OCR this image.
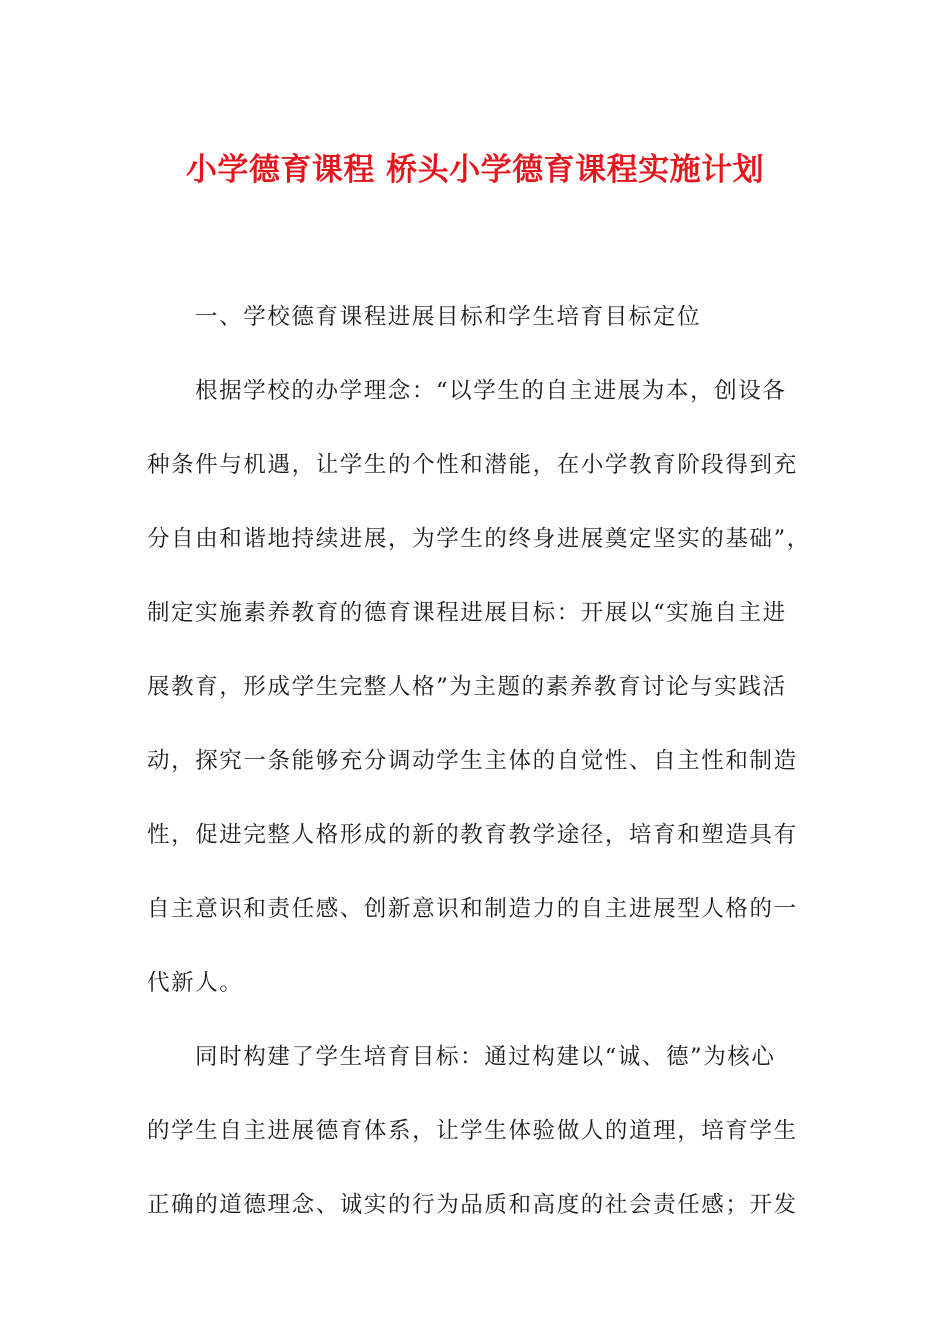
小学德育课程 桥头小学德育课程实施计划
一、学校德育课程进展目标和学生培育目标定位
根据学校的办学理念：“以学生的自主进展为本，创设各
种条件与机遇，让学生的个性和潜能，在小学教育阶段得到充
分自由和谐地持续进展，为学生的终身进展奠定坚实的基础”，
制定实施素养教育的德育课程进展目标：开展以“实施自主进
展教育，形成学生完整人格”为主题的素养教育讨论与实践活
动，探究一条能够充分调动学生主体的自觉性、自主性和制造
性，促进完整人格形成的新的教育教学途径，培育和塑造具有
自主意识和责任感、创新意识和制造力的自主进展型人格的一
代新人。
同时构建了学生培育目标：通过构建以“诚、德”为核心
的学生自主进展德育体系，让学生体验做人的道理，培育学生
正确的道德理念、诚实的行为品质和高度的社会责任感；开发
